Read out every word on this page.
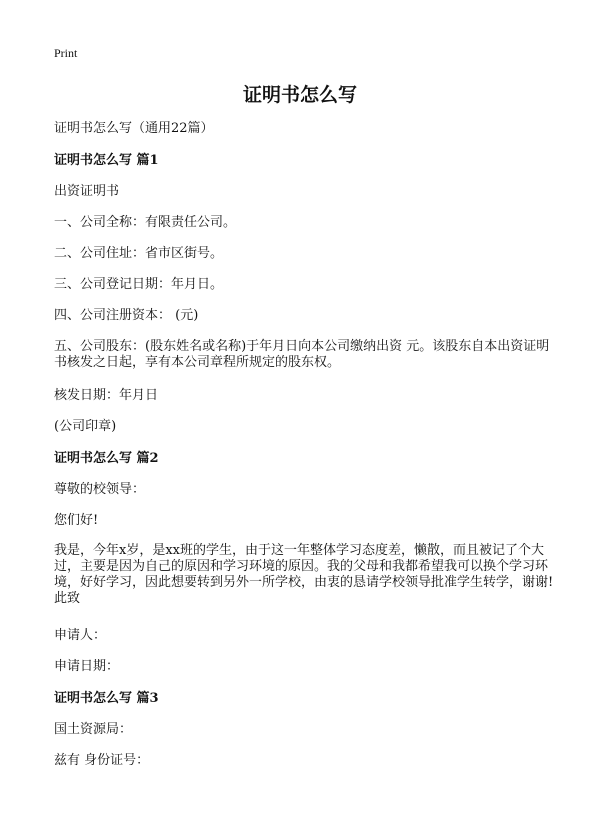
Print
证明书怎么写
证明书怎么写（通用22篇）
证明书怎么写 篇1
出资证明书
一、公司全称：有限责任公司。
二、公司住址：省市区街号。
三、公司登记日期：年月日。
四、公司注册资本： (元)
五、公司股东：(股东姓名或名称)于年月日向本公司缴纳出资 元。该股东自本出资证明书核发之日起，享有本公司章程所规定的股东权。
核发日期：年月日
(公司印章)
证明书怎么写 篇2
尊敬的校领导：
您们好!
我是，今年x岁，是xx班的学生，由于这一年整体学习态度差，懒散，而且被记了个大过，主要是因为自己的原因和学习环境的原因。我的父母和我都希望我可以换个学习环境，好好学习，因此想要转到另外一所学校，由衷的恳请学校领导批准学生转学，谢谢!此致
申请人：
申请日期：
证明书怎么写 篇3
国土资源局：
兹有 身份证号：
